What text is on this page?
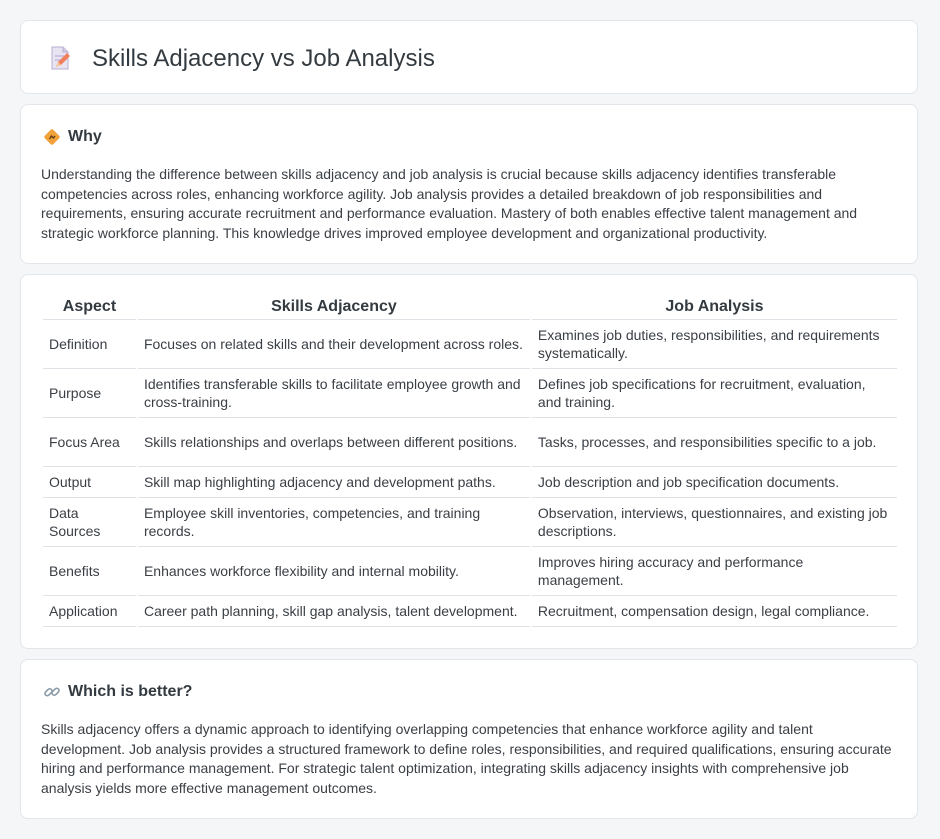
Skills Adjacency vs Job Analysis
Why

Understanding the difference between skills adjacency and job analysis is crucial because skills adjacency identifies transferable competencies across roles, enhancing workforce agility. Job analysis provides a detailed breakdown of job responsibilities and requirements, ensuring accurate recruitment and performance evaluation. Mastery of both enables effective talent management and strategic workforce planning. This knowledge drives improved employee development and organizational productivity.

Aspect	Skills Adjacency	Job Analysis
Definition	Focuses on related skills and their development across roles.	Examines job duties, responsibilities, and requirements systematically.
Purpose	Identifies transferable skills to facilitate employee growth and cross-training.	Defines job specifications for recruitment, evaluation, and training.
Focus Area	Skills relationships and overlaps between different positions.	Tasks, processes, and responsibilities specific to a job.
Output	Skill map highlighting adjacency and development paths.	Job description and job specification documents.
Data Sources	Employee skill inventories, competencies, and training records.	Observation, interviews, questionnaires, and existing job descriptions.
Benefits	Enhances workforce flexibility and internal mobility.	Improves hiring accuracy and performance management.
Application	Career path planning, skill gap analysis, talent development.	Recruitment, compensation design, legal compliance.
Which is better?

Skills adjacency offers a dynamic approach to identifying overlapping competencies that enhance workforce agility and talent development. Job analysis provides a structured framework to define roles, responsibilities, and required qualifications, ensuring accurate hiring and performance management. For strategic talent optimization, integrating skills adjacency insights with comprehensive job analysis yields more effective management outcomes.
